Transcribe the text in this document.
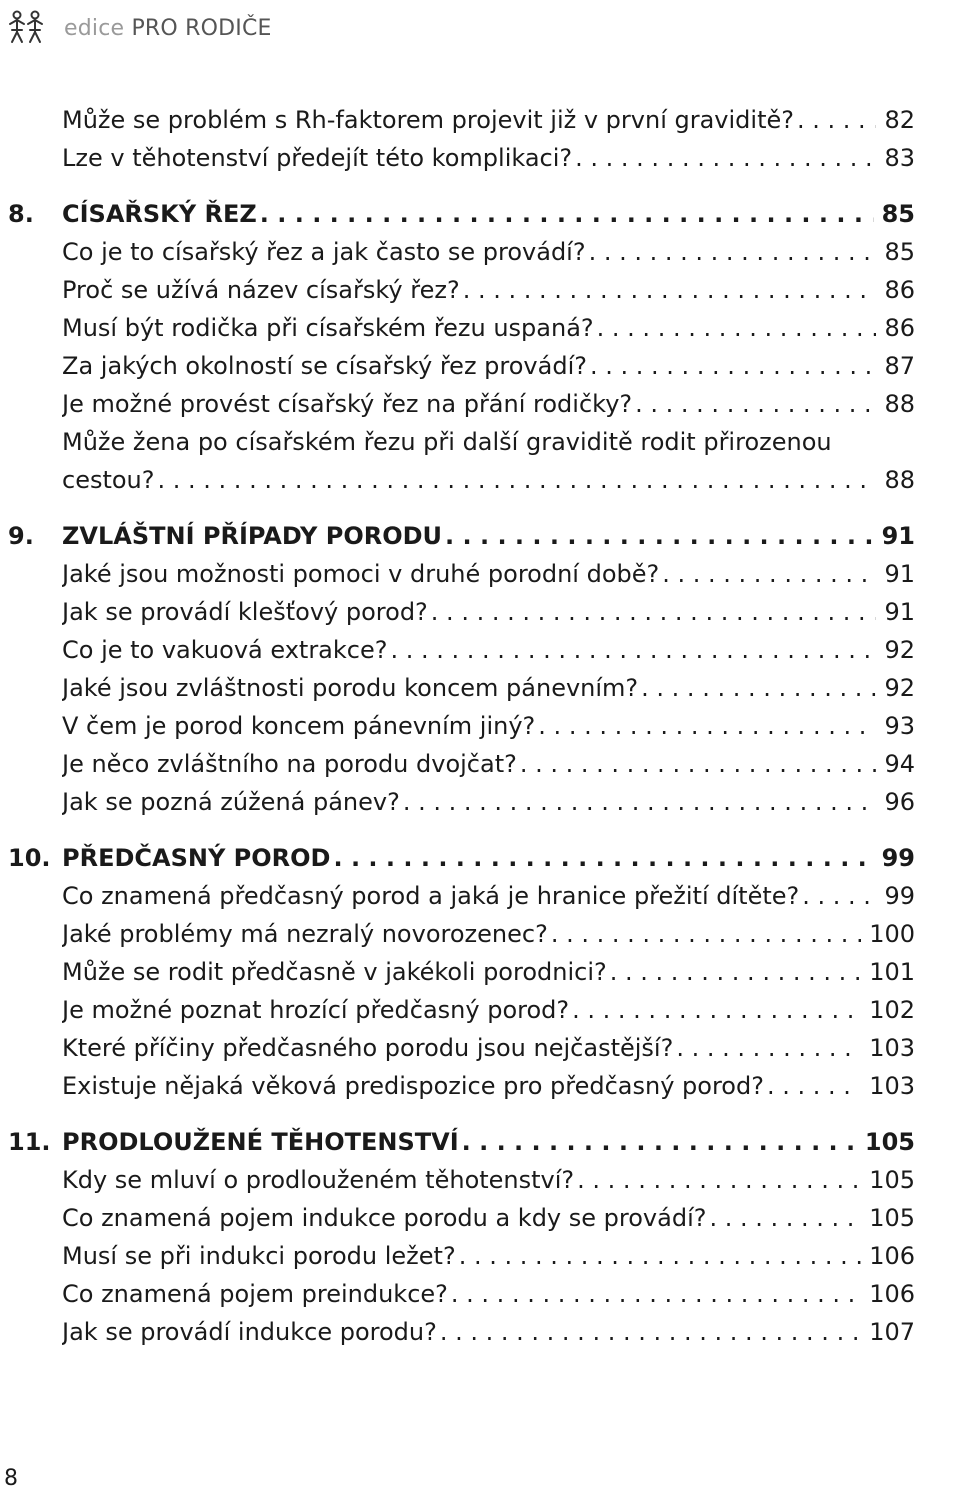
edice PRO RODIČE
Může se problém s Rh-faktorem projevit již v první graviditě? . . .	82
Lze v těhotenství předejít této komplikaci? . . .	83
8.	CÍSAŘSKÝ ŘEZ . . .	85
Co je to císařský řez a jak často se provádí? . . .	85
Proč se užívá název císařský řez? . . .	86
Musí být rodička při císařském řezu uspaná? . . .	86
Za jakých okolností se císařský řez provádí? . . .	87
Je možné provést císařský řez na přání rodičky? . . .	88
Může žena po císařském řezu při další graviditě rodit přirozenou
cestou? . . .	88
9.	ZVLÁŠTNÍ PŘÍPADY PORODU . . .	91
Jaké jsou možnosti pomoci v druhé porodní době? . . .	91
Jak se provádí klešťový porod? . . .	91
Co je to vakuová extrakce? . . .	92
Jaké jsou zvláštnosti porodu koncem pánevním? . . .	92
V čem je porod koncem pánevním jiný? . . .	93
Je něco zvláštního na porodu dvojčat? . . .	94
Jak se pozná zúžená pánev? . . .	96
10. PŘEDČASNÝ POROD . . .	99
Co znamená předčasný porod a jaká je hranice přežití dítěte? . . .	99
Jaké problémy má nezralý novorozenec? . . .	100
Může se rodit předčasně v jakékoli porodnici? . . .	101
Je možné poznat hrozící předčasný porod? . . .	102
Které příčiny předčasného porodu jsou nejčastější? . . .	103
Existuje nějaká věková predispozice pro předčasný porod? . . .	103
11. PRODLOUŽENÉ TĚHOTENSTVÍ . . .	105
Kdy se mluví o prodlouženém těhotenství? . . .	105
Co znamená pojem indukce porodu a kdy se provádí? . . .	105
Musí se při indukci porodu ležet? . . .	106
Co znamená pojem preindukce? . . .	106
Jak se provádí indukce porodu? . . .	107
8
